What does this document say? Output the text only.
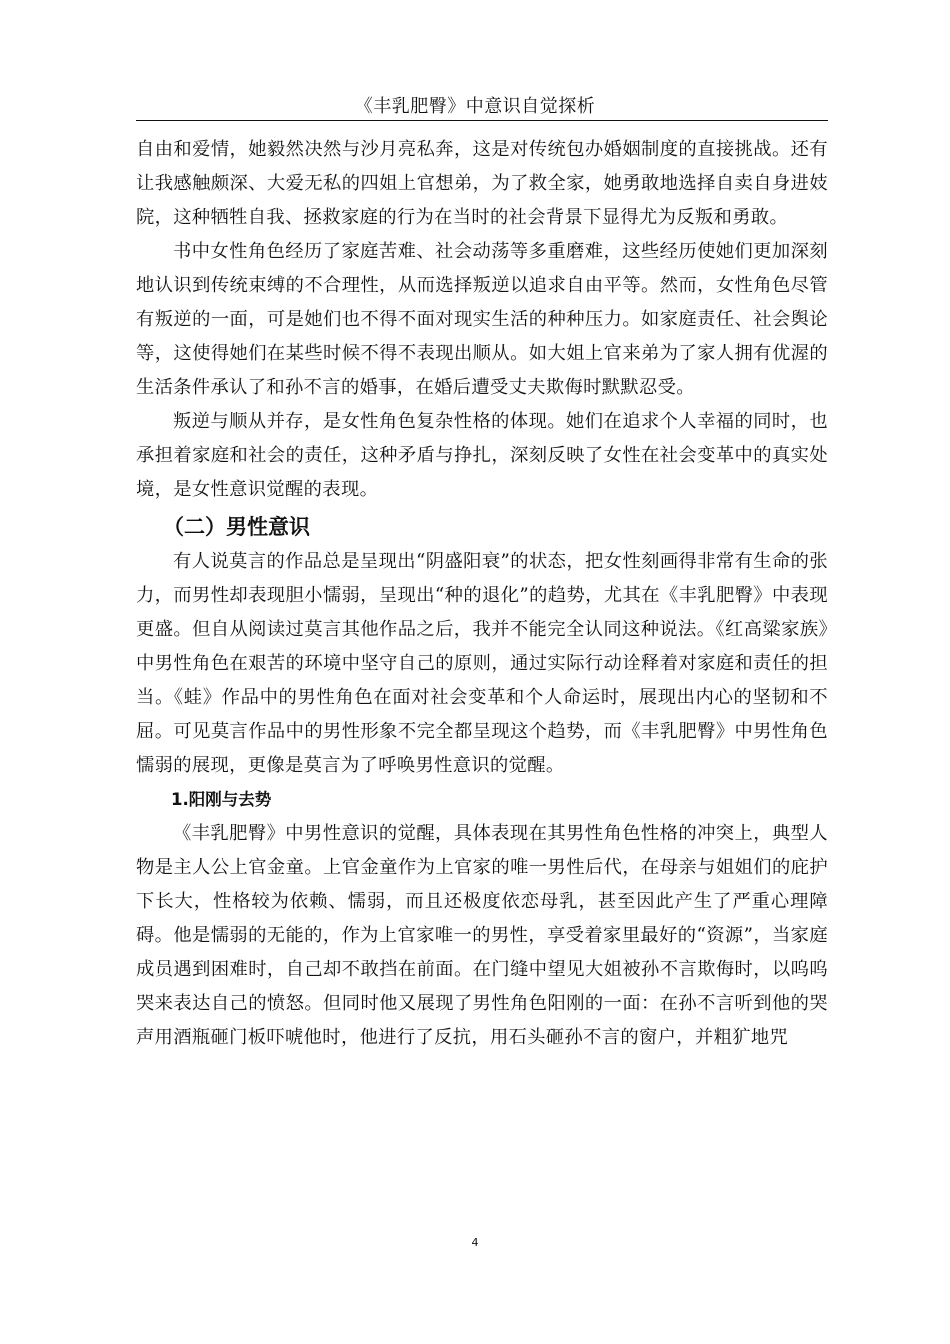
《丰乳肥臀》中意识自觉探析

自由和爱情，她毅然决然与沙月亮私奔，这是对传统包办婚姻制度的直接挑战。还有让我感触颇深、大爱无私的四姐上官想弟，为了救全家，她勇敢地选择自卖自身进妓院，这种牺牲自我、拯救家庭的行为在当时的社会背景下显得尤为反叛和勇敢。

书中女性角色经历了家庭苦难、社会动荡等多重磨难，这些经历使她们更加深刻地认识到传统束缚的不合理性，从而选择叛逆以追求自由平等。然而，女性角色尽管有叛逆的一面，可是她们也不得不面对现实生活的种种压力。如家庭责任、社会舆论等，这使得她们在某些时候不得不表现出顺从。如大姐上官来弟为了家人拥有优渥的生活条件承认了和孙不言的婚事，在婚后遭受丈夫欺侮时默默忍受。

叛逆与顺从并存，是女性角色复杂性格的体现。她们在追求个人幸福的同时，也承担着家庭和社会的责任，这种矛盾与挣扎，深刻反映了女性在社会变革中的真实处境，是女性意识觉醒的表现。

（二）男性意识

有人说莫言的作品总是呈现出“阴盛阳衰”的状态，把女性刻画得非常有生命的张力，而男性却表现胆小懦弱，呈现出“种的退化”的趋势，尤其在《丰乳肥臀》中表现更盛。但自从阅读过莫言其他作品之后，我并不能完全认同这种说法。《红高粱家族》中男性角色在艰苦的环境中坚守自己的原则，通过实际行动诠释着对家庭和责任的担当。《蛙》作品中的男性角色在面对社会变革和个人命运时，展现出内心的坚韧和不屈。可见莫言作品中的男性形象不完全都呈现这个趋势，而《丰乳肥臀》中男性角色懦弱的展现，更像是莫言为了呼唤男性意识的觉醒。

1.阳刚与去势

《丰乳肥臀》中男性意识的觉醒，具体表现在其男性角色性格的冲突上，典型人物是主人公上官金童。上官金童作为上官家的唯一男性后代，在母亲与姐姐们的庇护下长大，性格较为依赖、懦弱，而且还极度依恋母乳，甚至因此产生了严重心理障碍。他是懦弱的无能的，作为上官家唯一的男性，享受着家里最好的“资源”，当家庭成员遇到困难时，自己却不敢挡在前面。在门缝中望见大姐被孙不言欺侮时，以呜呜哭来表达自己的愤怒。但同时他又展现了男性角色阳刚的一面：在孙不言听到他的哭声用酒瓶砸门板吓唬他时，他进行了反抗，用石头砸孙不言的窗户，并粗犷地咒

4
